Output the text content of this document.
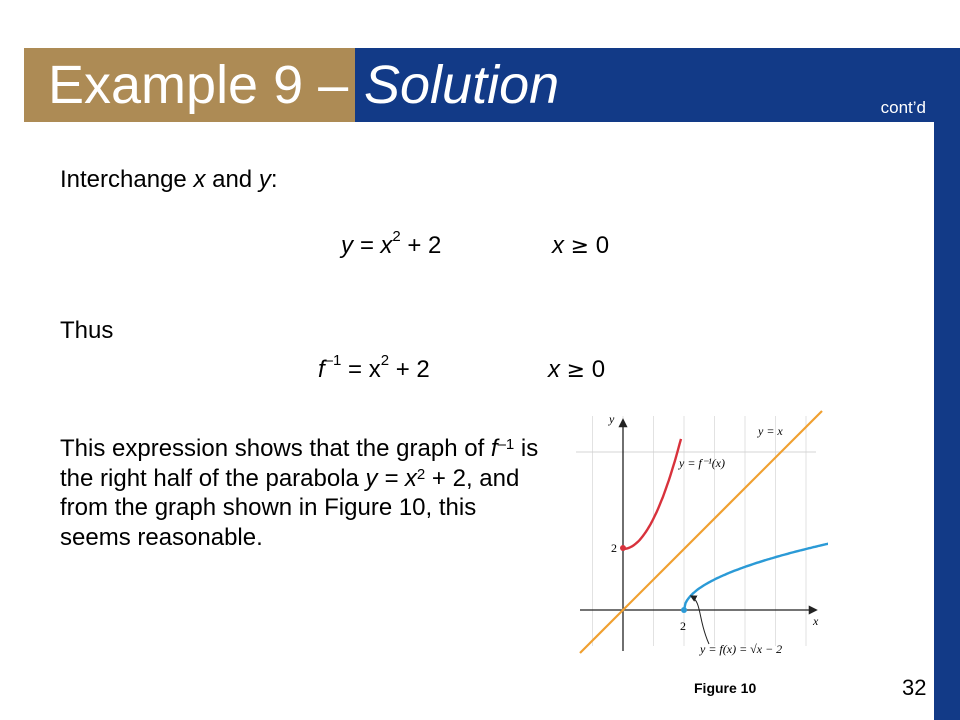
Example 9 – Solution	cont’d
Interchange x and y:
$y = x^2 + 2$	x ≥ 0
Thus
$f^{-1} = x^2 + 2$	x ≥ 0
This expression shows that the graph of $f^{-1}$ is the right half of the parabola $y = x^2 + 2$, and from the graph shown in Figure 10, this seems reasonable.
y
x
2
2
y = x
y = f⁻¹(x)
y = f(x) = √x − 2
Figure 10	32
